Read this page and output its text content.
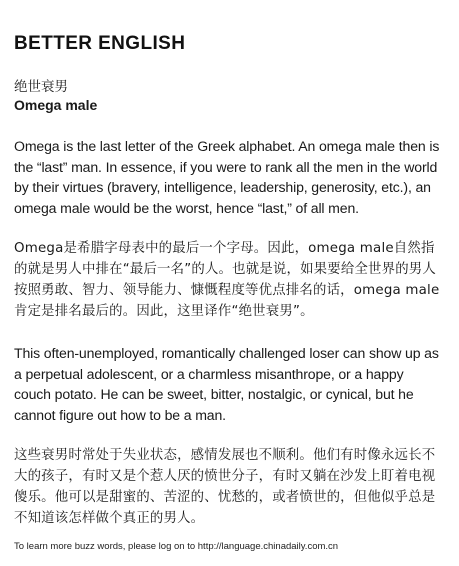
BETTER ENGLISH

绝世衰男

Omega male

Omega is the last letter of the Greek alphabet. An omega male then is the “last” man. In essence, if you were to rank all the men in the world by their virtues (bravery, intelligence, leadership, generosity, etc.), an omega male would be the worst, hence “last,” of all men.

Omega是希腊字母表中的最后一个字母。因此，omega male自然指的就是男人中排在“最后一名”的人。也就是说，如果要给全世界的男人按照勇敢、智力、领导能力、慷慨程度等优点排名的话，omega male肯定是排名最后的。因此，这里译作“绝世衰男”。

This often-unemployed, romantically challenged loser can show up as a perpetual adolescent, or a charmless misanthrope, or a happy couch potato. He can be sweet, bitter, nostalgic, or cynical, but he cannot figure out how to be a man.

这些衰男时常处于失业状态，感情发展也不顺利。他们有时像永远长不大的孩子，有时又是个惹人厌的愤世分子，有时又躺在沙发上盯着电视傻乐。他可以是甜蜜的、苦涩的、忧愁的，或者愤世的，但他似乎总是不知道该怎样做个真正的男人。

To learn more buzz words, please log on to http://language.chinadaily.com.cn
